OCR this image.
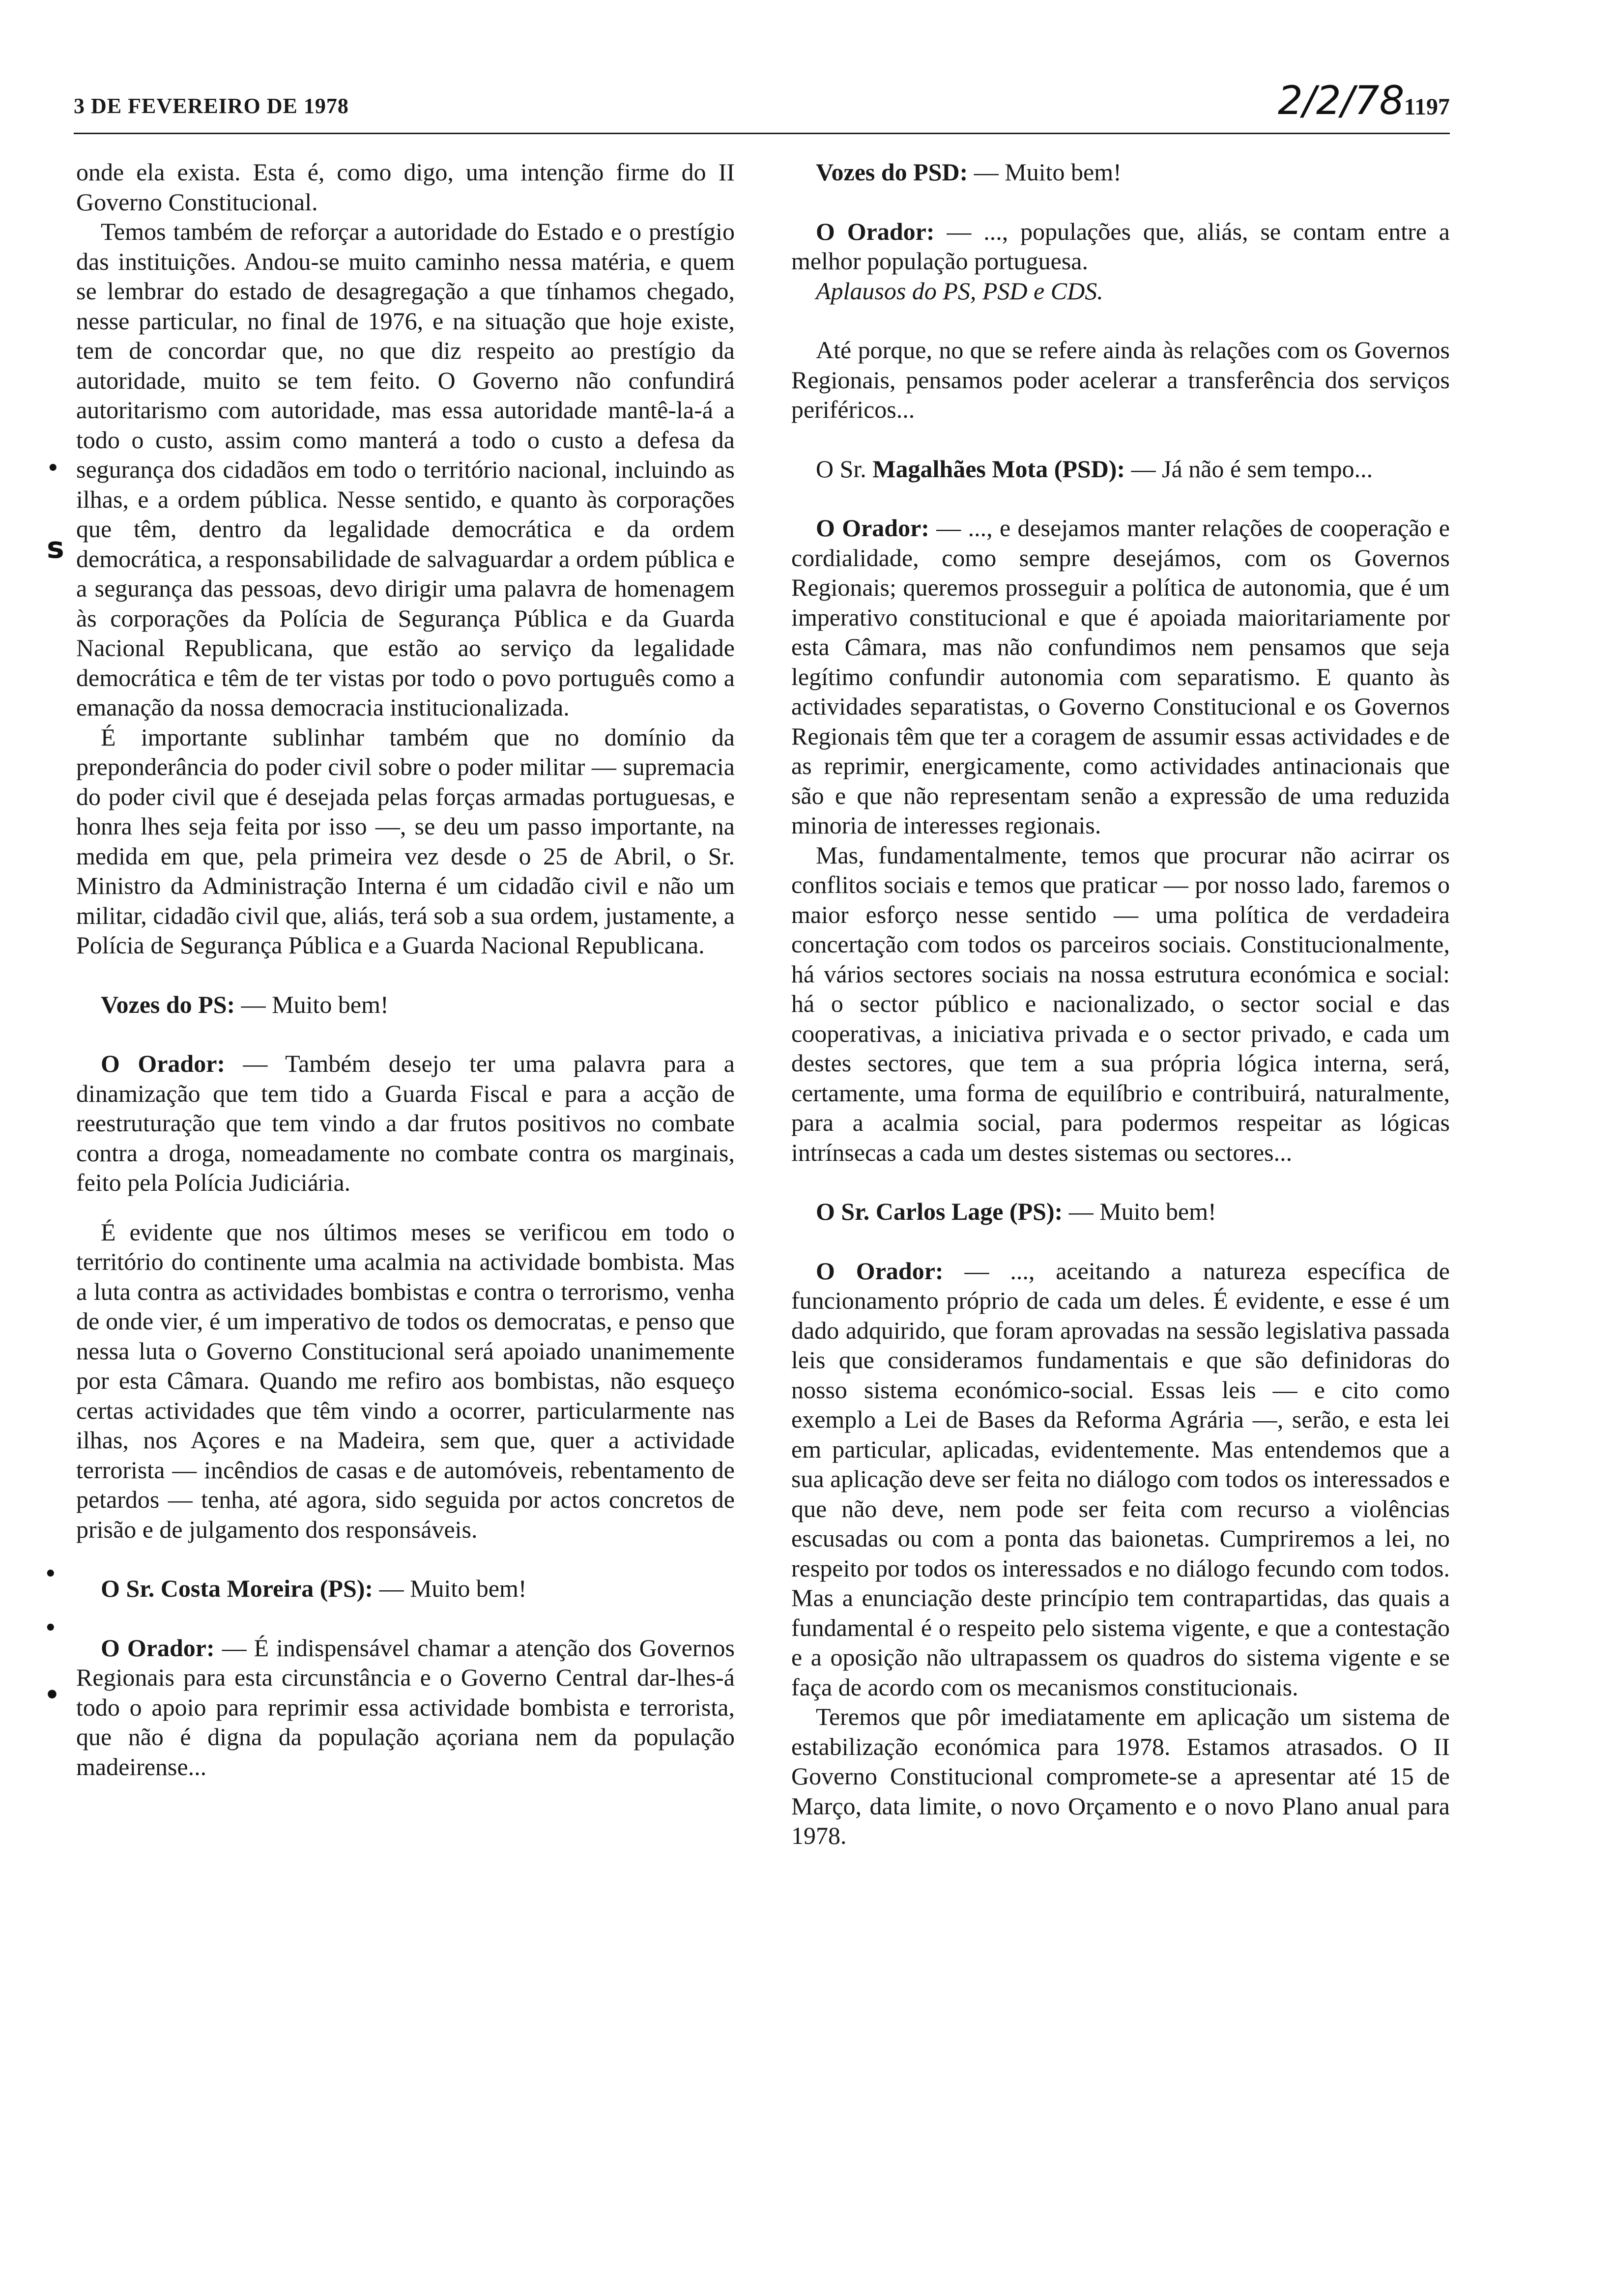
3 DE FEVEREIRO DE 1978	2/2/78 1197
•
ꜱ
•
•
•

onde ela exista. Esta é, como digo, uma intenção firme do II Governo Constitucional.

Temos também de reforçar a autoridade do Estado e o prestígio das instituições. Andou-se muito caminho nessa matéria, e quem se lembrar do estado de desagregação a que tínhamos chegado, nesse particular, no final de 1976, e na situação que hoje existe, tem de concordar que, no que diz respeito ao prestígio da autoridade, muito se tem feito. O Governo não confundirá autoritarismo com autoridade, mas essa autoridade mantê-la-á a todo o custo, assim como manterá a todo o custo a defesa da segurança dos cidadãos em todo o território nacional, incluindo as ilhas, e a ordem pública. Nesse sentido, e quanto às corporações que têm, dentro da legalidade democrática e da ordem democrática, a responsabilidade de salvaguardar a ordem pública e a segurança das pessoas, devo dirigir uma palavra de homenagem às corporações da Polícia de Segurança Pública e da Guarda Nacional Republicana, que estão ao serviço da legalidade democrática e têm de ter vistas por todo o povo português como a emanação da nossa democracia institucionalizada.

É importante sublinhar também que no domínio da preponderância do poder civil sobre o poder militar — supremacia do poder civil que é desejada pelas forças armadas portuguesas, e honra lhes seja feita por isso —, se deu um passo importante, na medida em que, pela primeira vez desde o 25 de Abril, o Sr. Ministro da Administração Interna é um cidadão civil e não um militar, cidadão civil que, aliás, terá sob a sua ordem, justamente, a Polícia de Segurança Pública e a Guarda Nacional Republicana.

Vozes do PS: — Muito bem!

O Orador: — Também desejo ter uma palavra para a dinamização que tem tido a Guarda Fiscal e para a acção de reestruturação que tem vindo a dar frutos positivos no combate contra a droga, nomeadamente no combate contra os marginais, feito pela Polícia Judiciária.

É evidente que nos últimos meses se verificou em todo o território do continente uma acalmia na actividade bombista. Mas a luta contra as actividades bombistas e contra o terrorismo, venha de onde vier, é um imperativo de todos os democratas, e penso que nessa luta o Governo Constitucional será apoiado unanimemente por esta Câmara. Quando me refiro aos bombistas, não esqueço certas actividades que têm vindo a ocorrer, particularmente nas ilhas, nos Açores e na Madeira, sem que, quer a actividade terrorista — incêndios de casas e de automóveis, rebentamento de petardos — tenha, até agora, sido seguida por actos concretos de prisão e de julgamento dos responsáveis.

O Sr. Costa Moreira (PS): — Muito bem!

O Orador: — É indispensável chamar a atenção dos Governos Regionais para esta circunstância e o Governo Central dar-lhes-á todo o apoio para reprimir essa actividade bombista e terrorista, que não é digna da população açoriana nem da população madeirense...

Vozes do PSD: — Muito bem!

O Orador: — ..., populações que, aliás, se contam entre a melhor população portuguesa.

Aplausos do PS, PSD e CDS.

Até porque, no que se refere ainda às relações com os Governos Regionais, pensamos poder acelerar a transferência dos serviços periféricos...

O Sr. Magalhães Mota (PSD): — Já não é sem tempo...

O Orador: — ..., e desejamos manter relações de cooperação e cordialidade, como sempre desejámos, com os Governos Regionais; queremos prosseguir a política de autonomia, que é um imperativo constitucional e que é apoiada maioritariamente por esta Câmara, mas não confundimos nem pensamos que seja legítimo confundir autonomia com separatismo. E quanto às actividades separatistas, o Governo Constitucional e os Governos Regionais têm que ter a coragem de assumir essas actividades e de as reprimir, energicamente, como actividades antinacionais que são e que não representam senão a expressão de uma reduzida minoria de interesses regionais.

Mas, fundamentalmente, temos que procurar não acirrar os conflitos sociais e temos que praticar — por nosso lado, faremos o maior esforço nesse sentido — uma política de verdadeira concertação com todos os parceiros sociais. Constitucionalmente, há vários sectores sociais na nossa estrutura económica e social: há o sector público e nacionalizado, o sector social e das cooperativas, a iniciativa privada e o sector privado, e cada um destes sectores, que tem a sua própria lógica interna, será, certamente, uma forma de equilíbrio e contribuirá, naturalmente, para a acalmia social, para podermos respeitar as lógicas intrínsecas a cada um destes sistemas ou sectores...

O Sr. Carlos Lage (PS): — Muito bem!

O Orador: — ..., aceitando a natureza específica de funcionamento próprio de cada um deles. É evidente, e esse é um dado adquirido, que foram aprovadas na sessão legislativa passada leis que consideramos fundamentais e que são definidoras do nosso sistema económico-social. Essas leis — e cito como exemplo a Lei de Bases da Reforma Agrária —, serão, e esta lei em particular, aplicadas, evidentemente. Mas entendemos que a sua aplicação deve ser feita no diálogo com todos os interessados e que não deve, nem pode ser feita com recurso a violências escusadas ou com a ponta das baionetas. Cumpriremos a lei, no respeito por todos os interessados e no diálogo fecundo com todos. Mas a enunciação deste princípio tem contrapartidas, das quais a fundamental é o respeito pelo sistema vigente, e que a contestação e a oposição não ultrapassem os quadros do sistema vigente e se faça de acordo com os mecanismos constitucionais.

Teremos que pôr imediatamente em aplicação um sistema de estabilização económica para 1978. Estamos atrasados. O II Governo Constitucional compromete-se a apresentar até 15 de Março, data limite, o novo Orçamento e o novo Plano anual para 1978.
